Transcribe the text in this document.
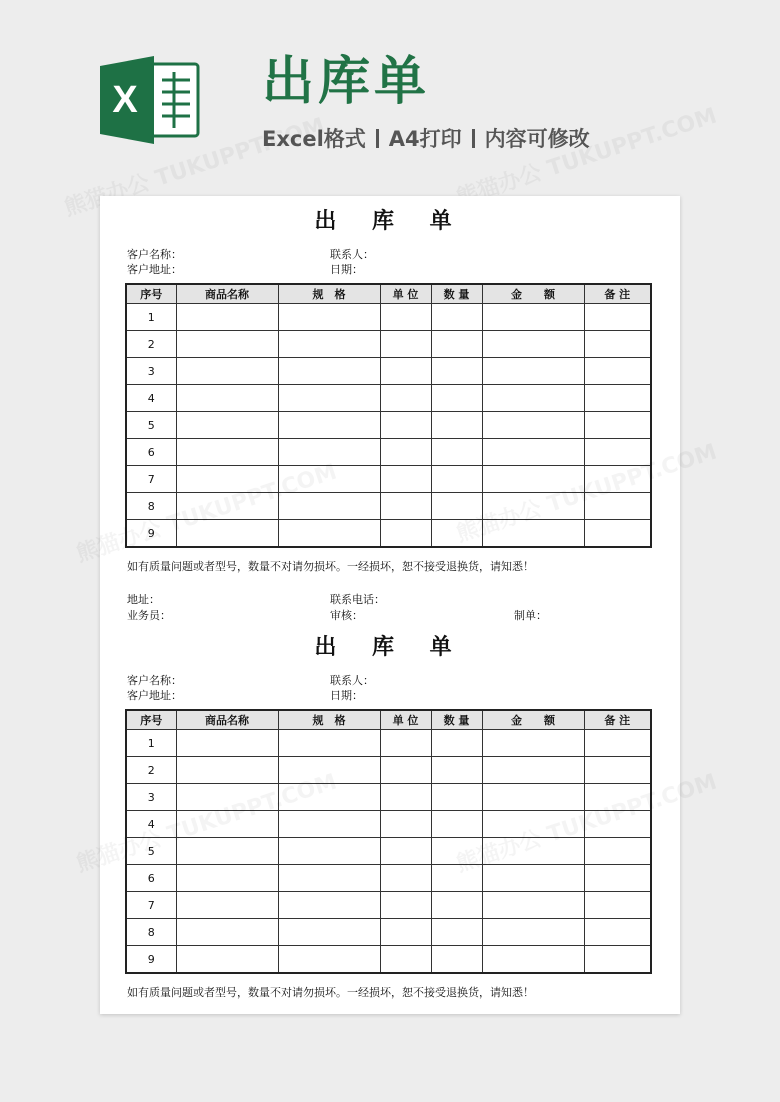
X 出库单
Excel格式 A4打印 内容可修改
出 库 单
客户名称：	联系人：
客户地址：	日期：
序号	商品名称	规　格	单 位	数 量	金　　额	备 注
1						
2						
3						
4						
5						
6						
7						
8						
9						
如有质量问题或者型号，数量不对请勿损坏。一经损坏，恕不接受退换货，请知悉！
地址：	联系电话：
业务员：	审核：	制单：
出 库 单
客户名称：	联系人：
客户地址：	日期：
序号	商品名称	规　格	单 位	数 量	金　　额	备 注
1						
2						
3						
4						
5						
6						
7						
8						
9						
如有质量问题或者型号，数量不对请勿损坏。一经损坏，恕不接受退换货，请知悉！
